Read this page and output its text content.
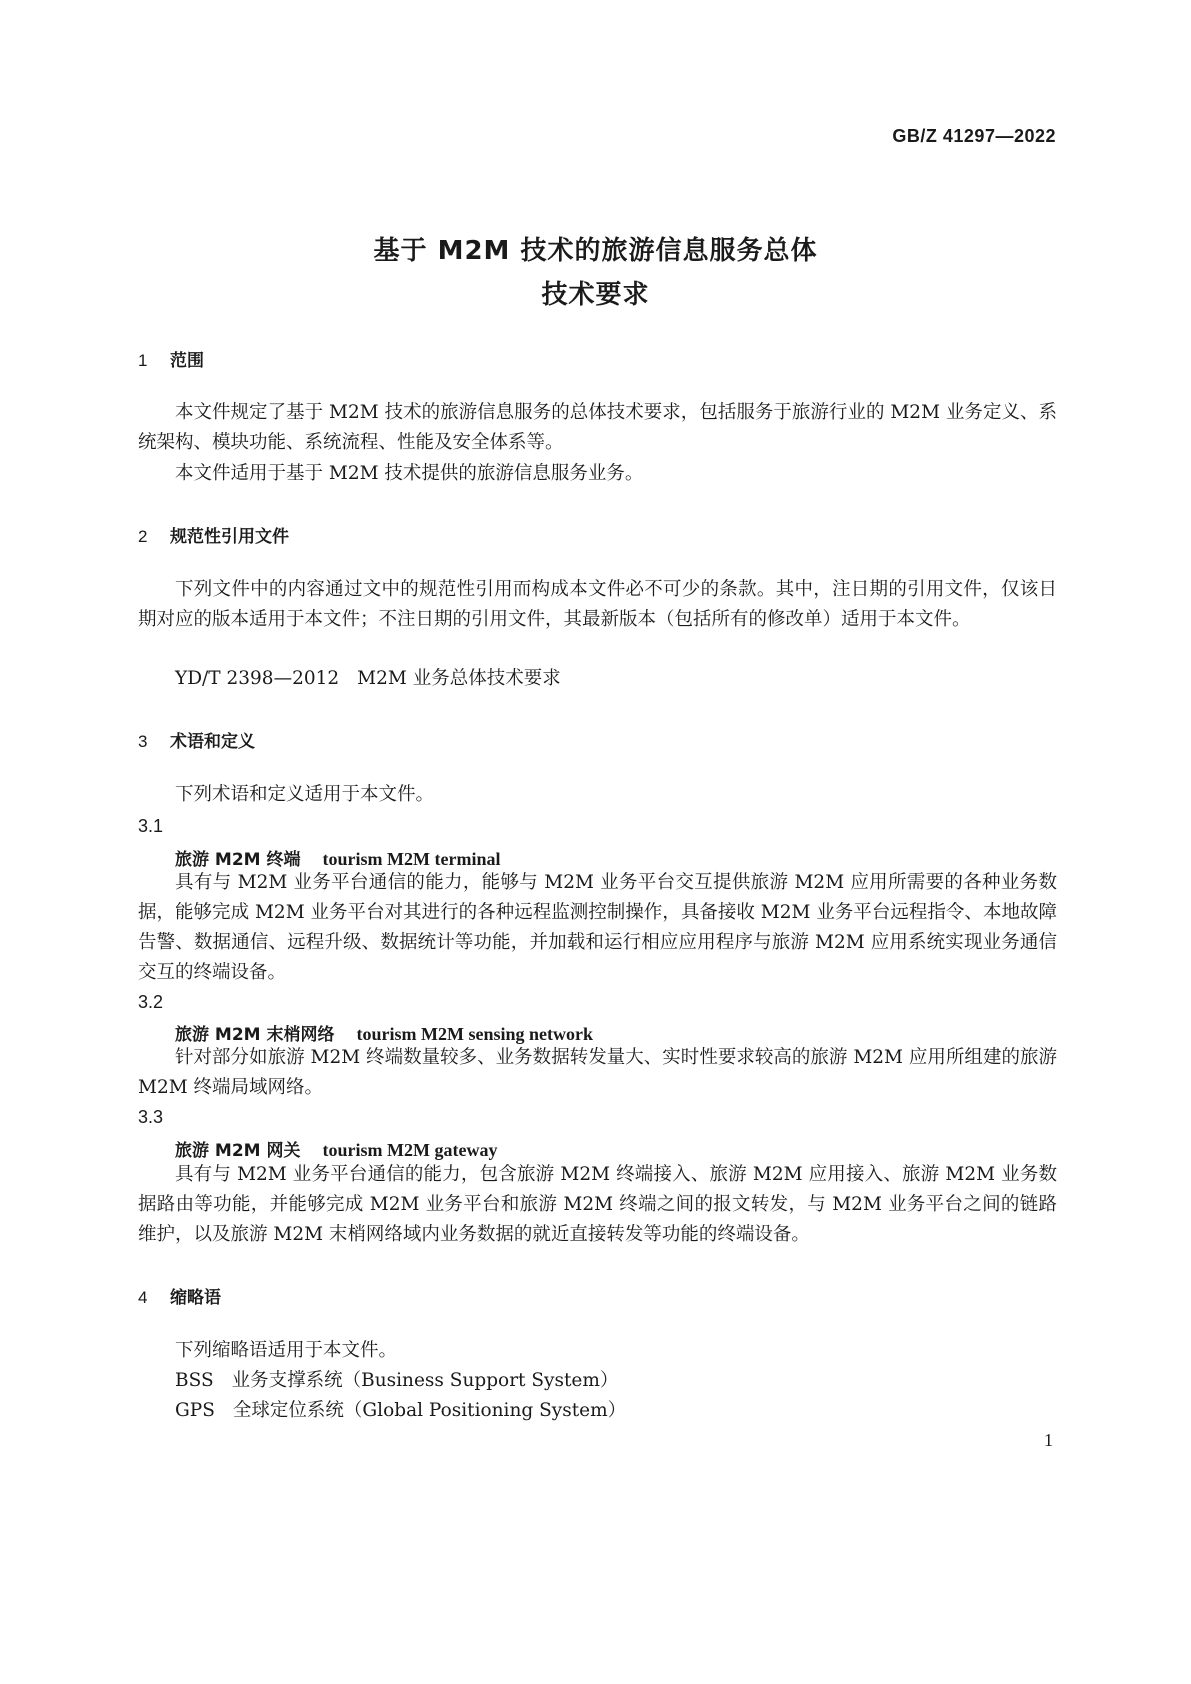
GB/Z 41297—2022
基于 M2M 技术的旅游信息服务总体
技术要求
1 范围
本文件规定了基于 M2M 技术的旅游信息服务的总体技术要求，包括服务于旅游行业的 M2M 业务定义、系统架构、模块功能、系统流程、性能及安全体系等。
本文件适用于基于 M2M 技术提供的旅游信息服务业务。
2 规范性引用文件
下列文件中的内容通过文中的规范性引用而构成本文件必不可少的条款。其中，注日期的引用文件，仅该日期对应的版本适用于本文件；不注日期的引用文件，其最新版本（包括所有的修改单）适用于本文件。
YD/T 2398—2012 M2M 业务总体技术要求
3 术语和定义
下列术语和定义适用于本文件。
3.1
旅游 M2M 终端 tourism M2M terminal
具有与 M2M 业务平台通信的能力，能够与 M2M 业务平台交互提供旅游 M2M 应用所需要的各种业务数据，能够完成 M2M 业务平台对其进行的各种远程监测控制操作，具备接收 M2M 业务平台远程指令、本地故障告警、数据通信、远程升级、数据统计等功能，并加载和运行相应应用程序与旅游 M2M 应用系统实现业务通信交互的终端设备。
3.2
旅游 M2M 末梢网络 tourism M2M sensing network
针对部分如旅游 M2M 终端数量较多、业务数据转发量大、实时性要求较高的旅游 M2M 应用所组建的旅游 M2M 终端局域网络。
3.3
旅游 M2M 网关 tourism M2M gateway
具有与 M2M 业务平台通信的能力，包含旅游 M2M 终端接入、旅游 M2M 应用接入、旅游 M2M 业务数据路由等功能，并能够完成 M2M 业务平台和旅游 M2M 终端之间的报文转发，与 M2M 业务平台之间的链路维护，以及旅游 M2M 末梢网络域内业务数据的就近直接转发等功能的终端设备。
4 缩略语
下列缩略语适用于本文件。
BSS 业务支撑系统（Business Support System）
GPS 全球定位系统（Global Positioning System）
1
